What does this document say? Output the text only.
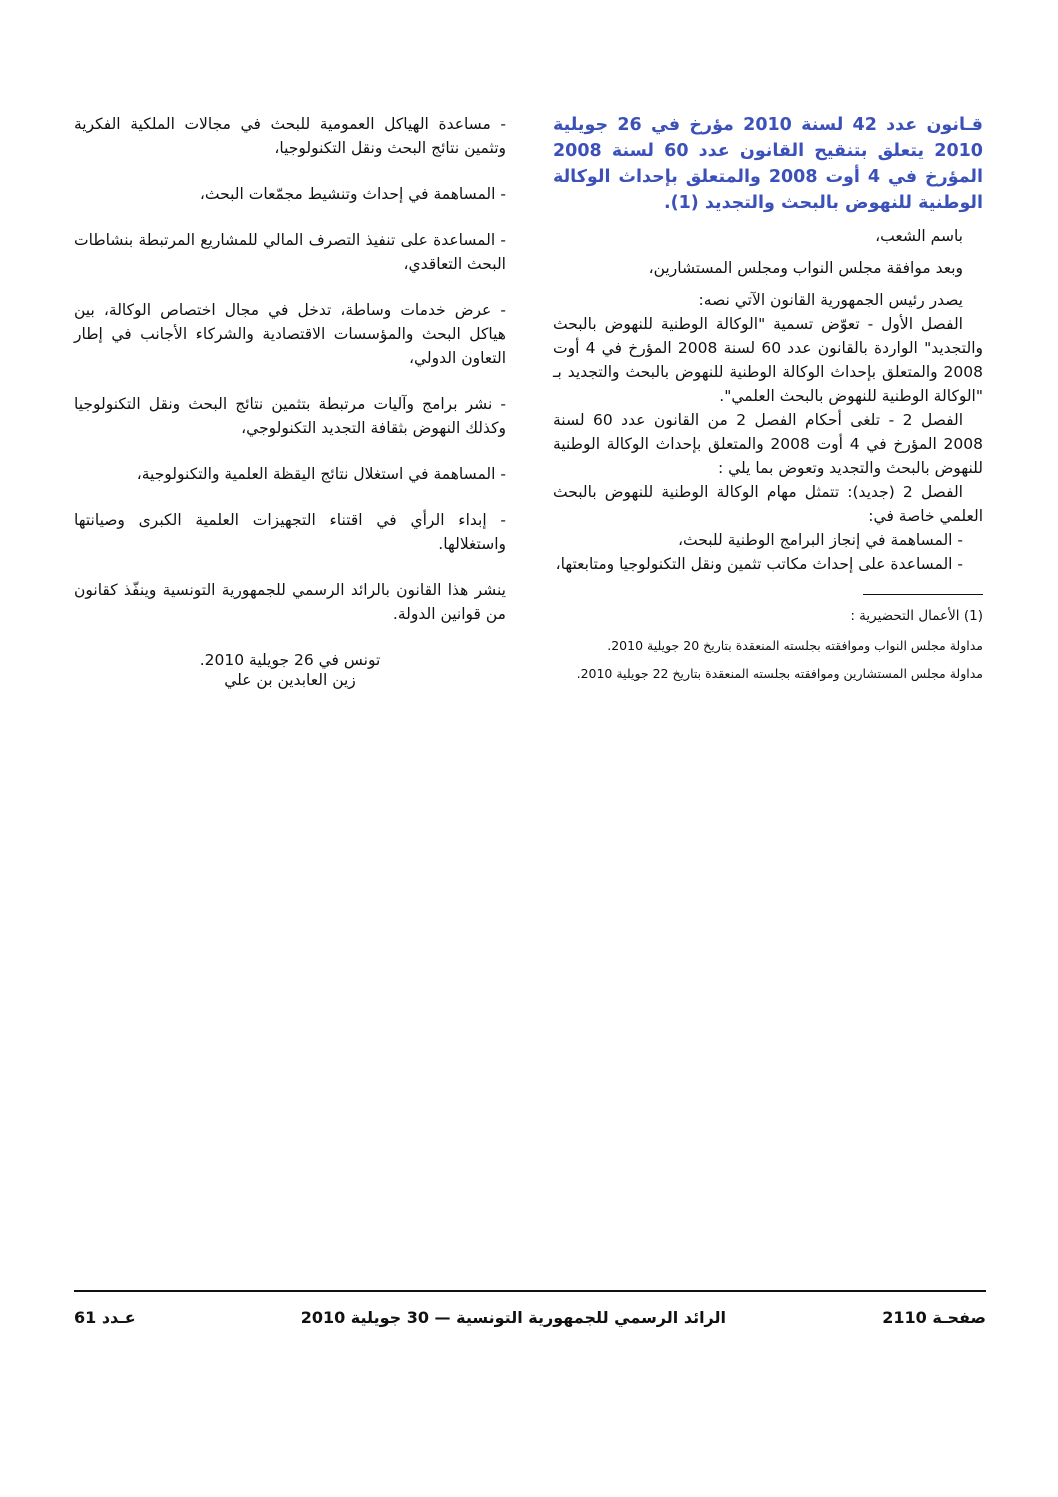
قـانون عدد 42 لسنة 2010 مؤرخ في 26 جويلية 2010 يتعلق بتنقيح القانون عدد 60 لسنة 2008 المؤرخ في 4 أوت 2008 والمتعلق بإحداث الوكالة الوطنية للنهوض بالبحث والتجديد (1).

باسم الشعب،

وبعد موافقة مجلس النواب ومجلس المستشارين،

يصدر رئيس الجمهورية القانون الآتي نصه:

الفصل الأول - تعوّض تسمية "الوكالة الوطنية للنهوض بالبحث والتجديد" الواردة بالقانون عدد 60 لسنة 2008 المؤرخ في 4 أوت 2008 والمتعلق بإحداث الوكالة الوطنية للنهوض بالبحث والتجديد بـ "الوكالة الوطنية للنهوض بالبحث العلمي".

الفصل 2 - تلغى أحكام الفصل 2 من القانون عدد 60 لسنة 2008 المؤرخ في 4 أوت 2008 والمتعلق بإحداث الوكالة الوطنية للنهوض بالبحث والتجديد وتعوض بما يلي :

الفصل 2 (جديد): تتمثل مهام الوكالة الوطنية للنهوض بالبحث العلمي خاصة في:

- المساهمة في إنجاز البرامج الوطنية للبحث،

- المساعدة على إحداث مكاتب تثمين ونقل التكنولوجيا ومتابعتها،

(1) الأعمال التحضيرية :

مداولة مجلس النواب وموافقته بجلسته المنعقدة بتاريخ 20 جويلية 2010.

مداولة مجلس المستشارين وموافقته بجلسته المنعقدة بتاريخ 22 جويلية 2010.

- مساعدة الهياكل العمومية للبحث في مجالات الملكية الفكرية وتثمين نتائج البحث ونقل التكنولوجيا،

- المساهمة في إحداث وتنشيط مجمّعات البحث،

- المساعدة على تنفيذ التصرف المالي للمشاريع المرتبطة بنشاطات البحث التعاقدي،

- عرض خدمات وساطة، تدخل في مجال اختصاص الوكالة، بين هياكل البحث والمؤسسات الاقتصادية والشركاء الأجانب في إطار التعاون الدولي،

- نشر برامج وآليات مرتبطة بتثمين نتائج البحث ونقل التكنولوجيا وكذلك النهوض بثقافة التجديد التكنولوجي،

- المساهمة في استغلال نتائج اليقظة العلمية والتكنولوجية،

- إبداء الرأي في اقتناء التجهيزات العلمية الكبرى وصيانتها واستغلالها.

ينشر هذا القانون بالرائد الرسمي للجمهورية التونسية وينفّذ كقانون من قوانين الدولة.

تونس في 26 جويلية 2010.

زين العابدين بن علي

صفحـة 2110
الرائد الرسمي للجمهورية التونسية — 30 جويلية 2010
عـدد 61
